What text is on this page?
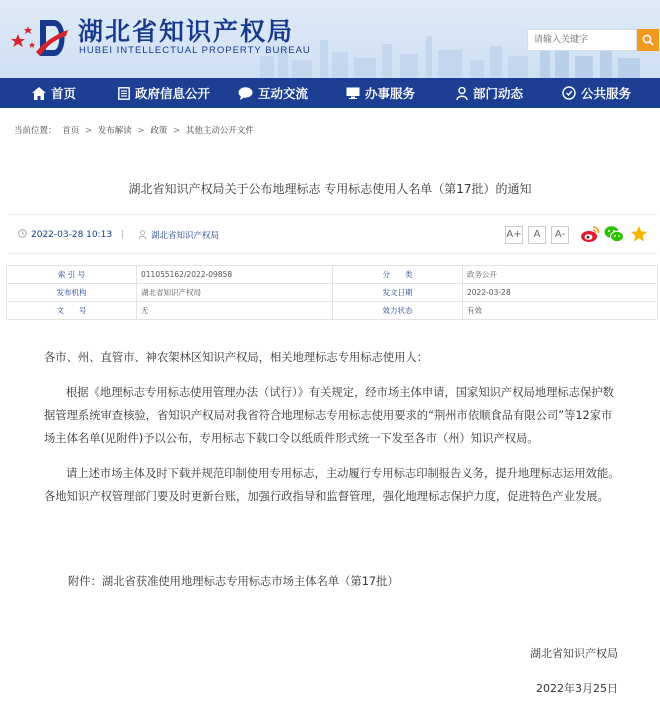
湖北省知识产权局
HUBEI INTELLECTUAL PROPERTY BUREAU
请输入关键字
首页	政府信息公开	互动交流	办事服务	部门动态	公共服务
当前位置： 首页 > 发布解读 > 政策 > 其他主动公开文件
湖北省知识产权局关于公布地理标志 专用标志使用人名单（第17批）的通知
2022-03-28 10:13 |	湖北省知识产权局	A+	A	A-
索 引 号	011055162/2022-09858	分　　类	政务公开
发布机构	湖北省知识产权局	发文日期	2022-03-28
文　　号	无	效力状态	有效

各市、州、直管市、神农架林区知识产权局，相关地理标志专用标志使用人：

根据《地理标志专用标志使用管理办法（试行）》有关规定，经市场主体申请，国家知识产权局地理标志保护数据管理系统审查核验，省知识产权局对我省符合地理标志专用标志使用要求的“荆州市依顺食品有限公司”等12家市场主体名单(见附件)予以公布，专用标志下载口令以纸质件形式统一下发至各市（州）知识产权局。

请上述市场主体及时下载并规范印制使用专用标志，主动履行专用标志印制报告义务，提升地理标志运用效能。各地知识产权管理部门要及时更新台账，加强行政指导和监督管理，强化地理标志保护力度，促进特色产业发展。

附件：湖北省获准使用地理标志专用标志市场主体名单（第17批）
湖北省知识产权局
2022年3月25日
